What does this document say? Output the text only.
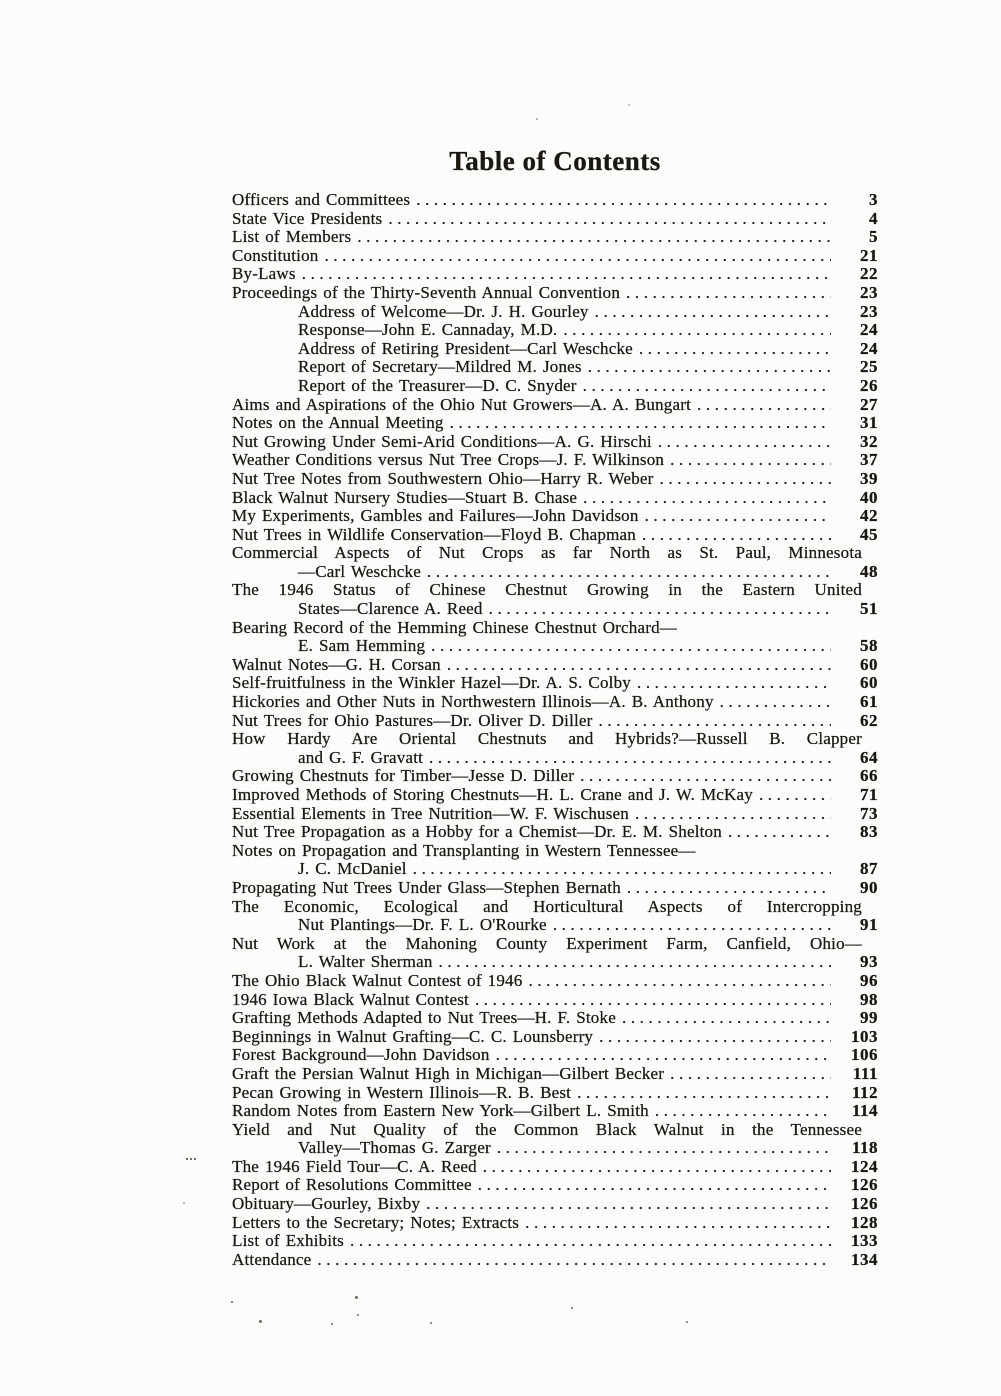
Table of Contents
Officers and Committees .....	3
State Vice Presidents .....	4
List of Members .....	5
Constitution .....	21
By-Laws .....	22
Proceedings of the Thirty-Seventh Annual Convention .....	23
Address of Welcome—Dr. J. H. Gourley .....	23
Response—John E. Cannaday, M.D. .....	24
Address of Retiring President—Carl Weschcke .....	24
Report of Secretary—Mildred M. Jones .....	25
Report of the Treasurer—D. C. Snyder .....	26
Aims and Aspirations of the Ohio Nut Growers—A. A. Bungart .....	27
Notes on the Annual Meeting .....	31
Nut Growing Under Semi-Arid Conditions—A. G. Hirschi .....	32
Weather Conditions versus Nut Tree Crops—J. F. Wilkinson .....	37
Nut Tree Notes from Southwestern Ohio—Harry R. Weber .....	39
Black Walnut Nursery Studies—Stuart B. Chase .....	40
My Experiments, Gambles and Failures—John Davidson .....	42
Nut Trees in Wildlife Conservation—Floyd B. Chapman .....	45
Commercial Aspects of Nut Crops as far North as St. Paul, Minnesota
—Carl Weschcke .....	48
The 1946 Status of Chinese Chestnut Growing in the Eastern United
States—Clarence A. Reed .....	51
Bearing Record of the Hemming Chinese Chestnut Orchard—
E. Sam Hemming .....	58
Walnut Notes—G. H. Corsan .....	60
Self-fruitfulness in the Winkler Hazel—Dr. A. S. Colby .....	60
Hickories and Other Nuts in Northwestern Illinois—A. B. Anthony .....	61
Nut Trees for Ohio Pastures—Dr. Oliver D. Diller .....	62
How Hardy Are Oriental Chestnuts and Hybrids?—Russell B. Clapper
and G. F. Gravatt .....	64
Growing Chestnuts for Timber—Jesse D. Diller .....	66
Improved Methods of Storing Chestnuts—H. L. Crane and J. W. McKay .....	71
Essential Elements in Tree Nutrition—W. F. Wischusen .....	73
Nut Tree Propagation as a Hobby for a Chemist—Dr. E. M. Shelton .....	83
Notes on Propagation and Transplanting in Western Tennessee—
J. C. McDaniel .....	87
Propagating Nut Trees Under Glass—Stephen Bernath .....	90
The Economic, Ecological and Horticultural Aspects of Intercropping
Nut Plantings—Dr. F. L. O'Rourke .....	91
Nut Work at the Mahoning County Experiment Farm, Canfield, Ohio—
L. Walter Sherman .....	93
The Ohio Black Walnut Contest of 1946 .....	96
1946 Iowa Black Walnut Contest .....	98
Grafting Methods Adapted to Nut Trees—H. F. Stoke .....	99
Beginnings in Walnut Grafting—C. C. Lounsberry .....	103
Forest Background—John Davidson .....	106
Graft the Persian Walnut High in Michigan—Gilbert Becker .....	111
Pecan Growing in Western Illinois—R. B. Best .....	112
Random Notes from Eastern New York—Gilbert L. Smith .....	114
Yield and Nut Quality of the Common Black Walnut in the Tennessee
Valley—Thomas G. Zarger .....	118
The 1946 Field Tour—C. A. Reed .....	124
Report of Resolutions Committee .....	126
Obituary—Gourley, Bixby .....	126
Letters to the Secretary; Notes; Extracts .....	128
List of Exhibits .....	133
Attendance .....	134
